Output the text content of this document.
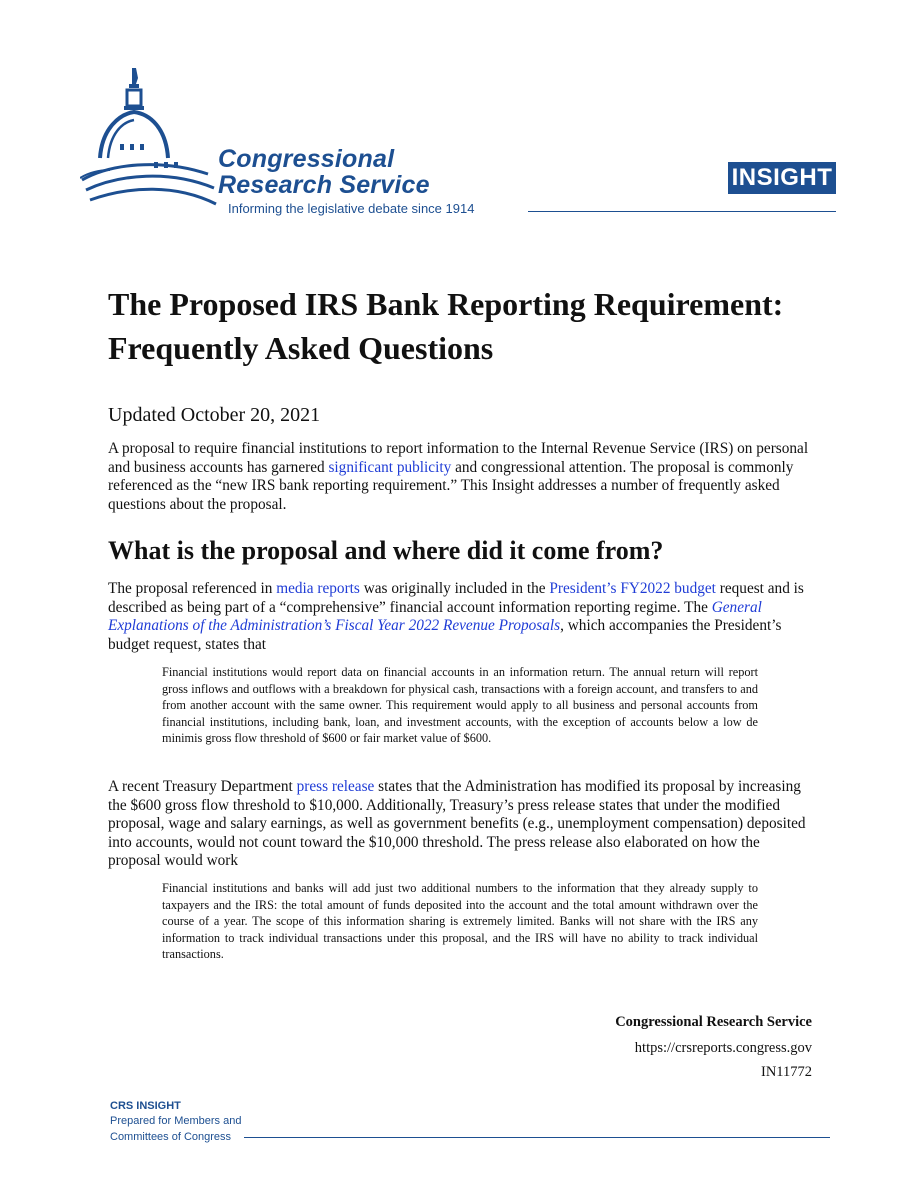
Congressional
Research Service
Informing the legislative debate since 1914
INSIGHT
The Proposed IRS Bank Reporting Requirement: Frequently Asked Questions
Updated October 20, 2021

A proposal to require financial institutions to report information to the Internal Revenue Service (IRS) on personal and business accounts has garnered significant publicity and congressional attention. The proposal is commonly referenced as the “new IRS bank reporting requirement.” This Insight addresses a number of frequently asked questions about the proposal.

What is the proposal and where did it come from?

The proposal referenced in media reports was originally included in the President’s FY2022 budget request and is described as being part of a “comprehensive” financial account information reporting regime. The General Explanations of the Administration’s Fiscal Year 2022 Revenue Proposals, which accompanies the President’s budget request, states that

Financial institutions would report data on financial accounts in an information return. The annual return will report gross inflows and outflows with a breakdown for physical cash, transactions with a foreign account, and transfers to and from another account with the same owner. This requirement would apply to all business and personal accounts from financial institutions, including bank, loan, and investment accounts, with the exception of accounts below a low de minimis gross flow threshold of $600 or fair market value of $600.

A recent Treasury Department press release states that the Administration has modified its proposal by increasing the $600 gross flow threshold to $10,000. Additionally, Treasury’s press release states that under the modified proposal, wage and salary earnings, as well as government benefits (e.g., unemployment compensation) deposited into accounts, would not count toward the $10,000 threshold. The press release also elaborated on how the proposal would work

Financial institutions and banks will add just two additional numbers to the information that they already supply to taxpayers and the IRS: the total amount of funds deposited into the account and the total amount withdrawn over the course of a year. The scope of this information sharing is extremely limited. Banks will not share with the IRS any information to track individual transactions under this proposal, and the IRS will have no ability to track individual transactions.

Congressional Research Service
https://crsreports.congress.gov
IN11772
CRS INSIGHT
Prepared for Members and
Committees of Congress
